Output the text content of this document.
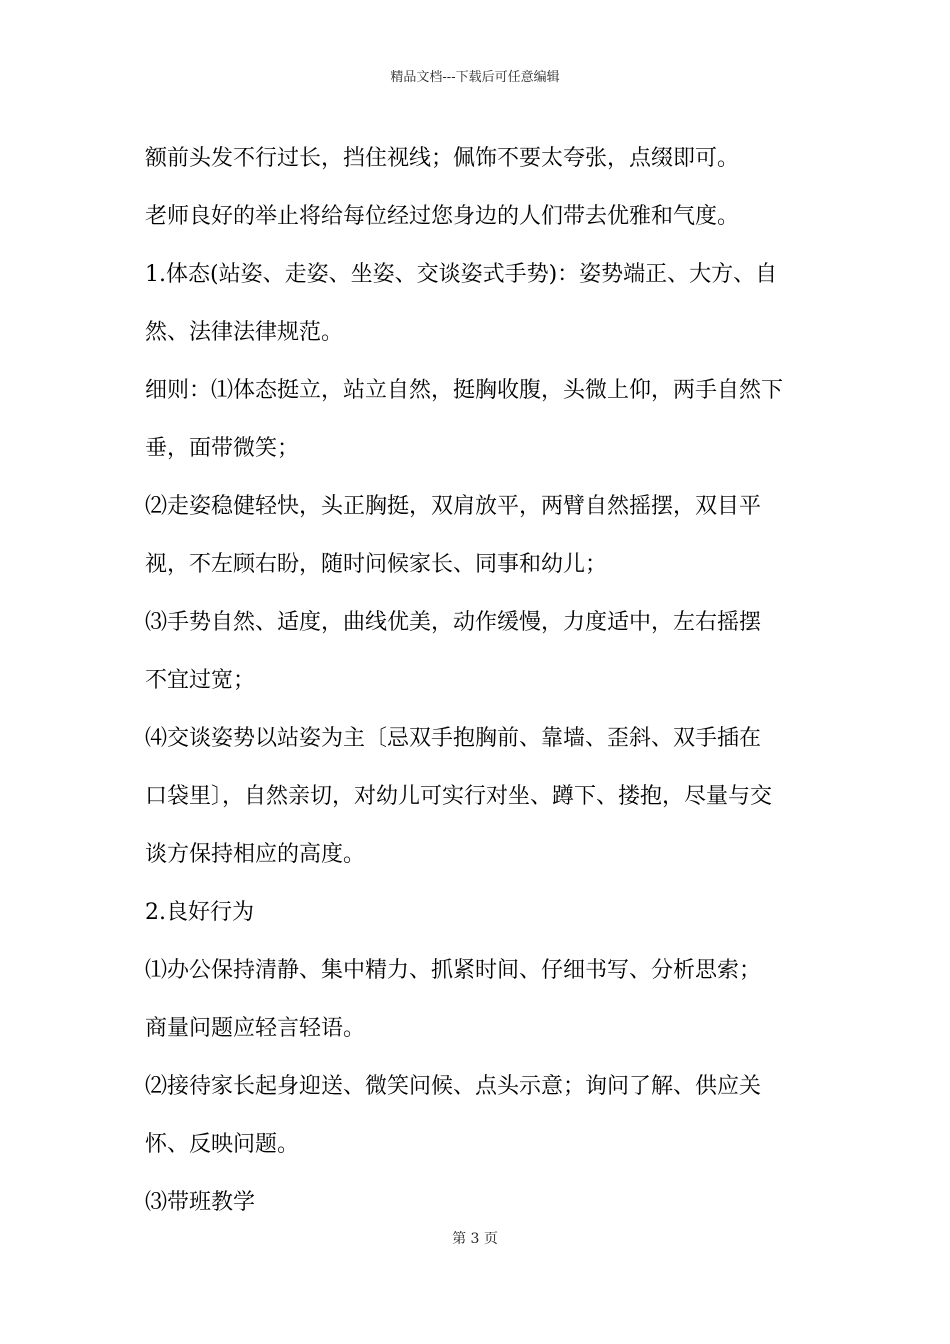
精品文档---下载后可任意编辑
额前头发不行过长，挡住视线；佩饰不要太夸张，点缀即可。
老师良好的举止将给每位经过您身边的人们带去优雅和气度。
1.体态(站姿、走姿、坐姿、交谈姿式手势)：姿势端正、大方、自
然、法律法律规范。
细则：⑴体态挺立，站立自然，挺胸收腹，头微上仰，两手自然下
垂，面带微笑；
⑵走姿稳健轻快，头正胸挺，双肩放平，两臂自然摇摆，双目平
视，不左顾右盼，随时问候家长、同事和幼儿；
⑶手势自然、适度，曲线优美，动作缓慢，力度适中，左右摇摆
不宜过宽；
⑷交谈姿势以站姿为主〔忌双手抱胸前、靠墙、歪斜、双手插在
口袋里〕，自然亲切，对幼儿可实行对坐、蹲下、搂抱，尽量与交
谈方保持相应的高度。
2.良好行为
⑴办公保持清静、集中精力、抓紧时间、仔细书写、分析思索；
商量问题应轻言轻语。
⑵接待家长起身迎送、微笑问候、点头示意；询问了解、供应关
怀、反映问题。
⑶带班教学
第 3 页
